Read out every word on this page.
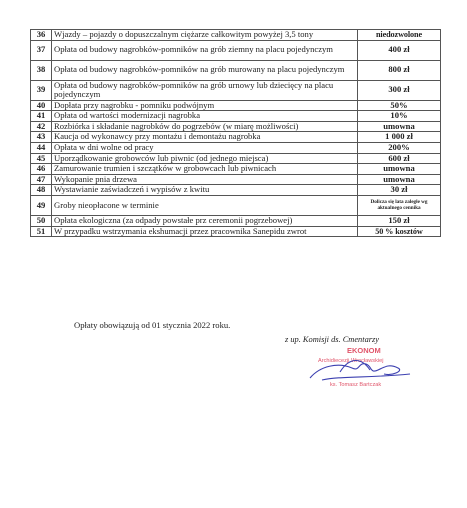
36	Wjazdy – pojazdy o dopuszczalnym ciężarze całkowitym powyżej 3,5 tony	niedozwolone
37	Opłata od budowy nagrobków-pomników na grób ziemny na placu pojedynczym	400 zł
38	Opłata od budowy nagrobków-pomników na grób murowany na placu pojedynczym	800 zł
39	Opłata od budowy nagrobków-pomników na grób urnowy lub dziecięcy na placu pojedynczym	300 zł
40	Dopłata przy nagrobku - pomniku podwójnym	50%
41	Opłata od wartości modernizacji nagrobka	10%
42	Rozbiórka i składanie nagrobków do pogrzebów (w miarę możliwości)	umowna
43	Kaucja od wykonawcy przy montażu i demontażu nagrobka	1 000 zł
44	Opłata w dni wolne od pracy	200%
45	Uporządkowanie grobowców lub piwnic (od jednego miejsca)	600 zł
46	Zamurowanie trumien i szczątków w grobowcach lub piwnicach	umowna
47	Wykopanie pnia drzewa	umowna
48	Wystawianie zaświadczeń i wypisów z kwitu	30 zł
49	Groby nieopłacone w terminie	Dolicza się lata zaległe wg aktualnego cennika
50	Opłata ekologiczna (za odpady powstałe prz ceremonii pogrzebowej)	150 zł
51	W przypadku wstrzymania ekshumacji przez pracownika Sanepidu zwrot	50 % kosztów

Opłaty obowiązują od 01 stycznia 2022 roku.

z up. Komisji ds. Cmentarzy

EKONOM
Archidiecezji Wrocławskiej
ks. Tomasz Bartczak
